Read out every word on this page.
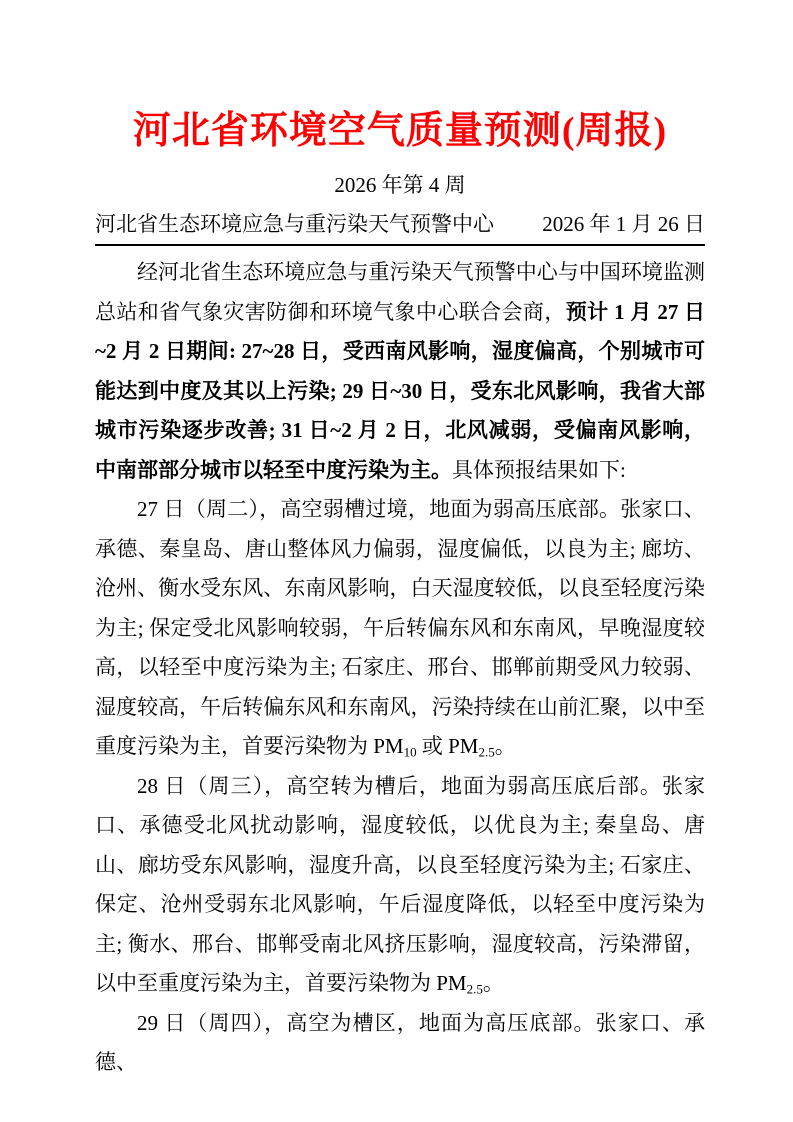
河北省环境空气质量预测(周报)
2026 年第 4 周
河北省生态环境应急与重污染天气预警中心 2026 年 1 月 26 日

经河北省生态环境应急与重污染天气预警中心与中国环境监测总站和省气象灾害防御和环境气象中心联合会商，预计 1 月 27 日~2 月 2 日期间: 27~28 日，受西南风影响，湿度偏高，个别城市可能达到中度及其以上污染; 29 日~30 日，受东北风影响，我省大部城市污染逐步改善; 31 日~2 月 2 日，北风减弱，受偏南风影响，中南部部分城市以轻至中度污染为主。具体预报结果如下:

27 日（周二），高空弱槽过境，地面为弱高压底部。张家口、承德、秦皇岛、唐山整体风力偏弱，湿度偏低，以良为主; 廊坊、沧州、衡水受东风、东南风影响，白天湿度较低，以良至轻度污染为主; 保定受北风影响较弱，午后转偏东风和东南风，早晚湿度较高，以轻至中度污染为主; 石家庄、邢台、邯郸前期受风力较弱、湿度较高，午后转偏东风和东南风，污染持续在山前汇聚，以中至重度污染为主，首要污染物为 $PM_{10}$ 或 $PM_{2.5}$。

28 日（周三），高空转为槽后，地面为弱高压底后部。张家口、承德受北风扰动影响，湿度较低，以优良为主; 秦皇岛、唐山、廊坊受东风影响，湿度升高，以良至轻度污染为主; 石家庄、保定、沧州受弱东北风影响，午后湿度降低，以轻至中度污染为主; 衡水、邢台、邯郸受南北风挤压影响，湿度较高，污染滞留，以中至重度污染为主，首要污染物为 $PM_{2.5}$。

29 日（周四），高空为槽区，地面为高压底部。张家口、承德、
